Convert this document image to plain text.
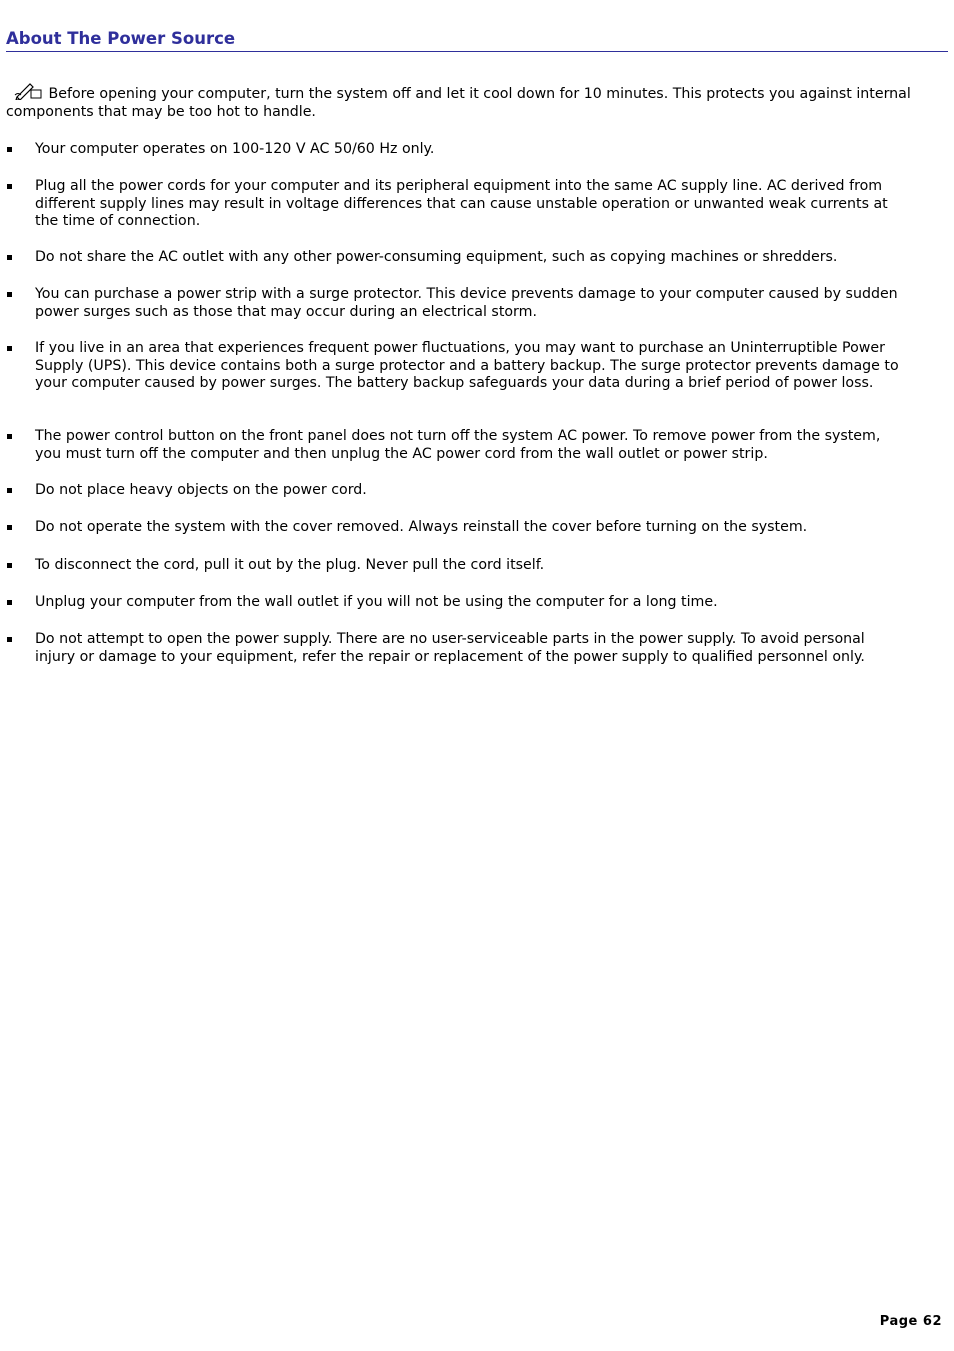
About The Power Source
Before opening your computer, turn the system off and let it cool down for 10 minutes. This protects you against internal components that may be too hot to handle.
Your computer operates on 100-120 V AC 50/60 Hz only.
Plug all the power cords for your computer and its peripheral equipment into the same AC supply line. AC derived from different supply lines may result in voltage differences that can cause unstable operation or unwanted weak currents at the time of connection.
Do not share the AC outlet with any other power-consuming equipment, such as copying machines or shredders.
You can purchase a power strip with a surge protector. This device prevents damage to your computer caused by sudden power surges such as those that may occur during an electrical storm.
If you live in an area that experiences frequent power fluctuations, you may want to purchase an Uninterruptible Power Supply (UPS). This device contains both a surge protector and a battery backup. The surge protector prevents damage to your computer caused by power surges. The battery backup safeguards your data during a brief period of power loss.
The power control button on the front panel does not turn off the system AC power. To remove power from the system, you must turn off the computer and then unplug the AC power cord from the wall outlet or power strip.
Do not place heavy objects on the power cord.
Do not operate the system with the cover removed. Always reinstall the cover before turning on the system.
To disconnect the cord, pull it out by the plug. Never pull the cord itself.
Unplug your computer from the wall outlet if you will not be using the computer for a long time.
Do not attempt to open the power supply. There are no user-serviceable parts in the power supply. To avoid personal injury or damage to your equipment, refer the repair or replacement of the power supply to qualified personnel only.
Page 62
